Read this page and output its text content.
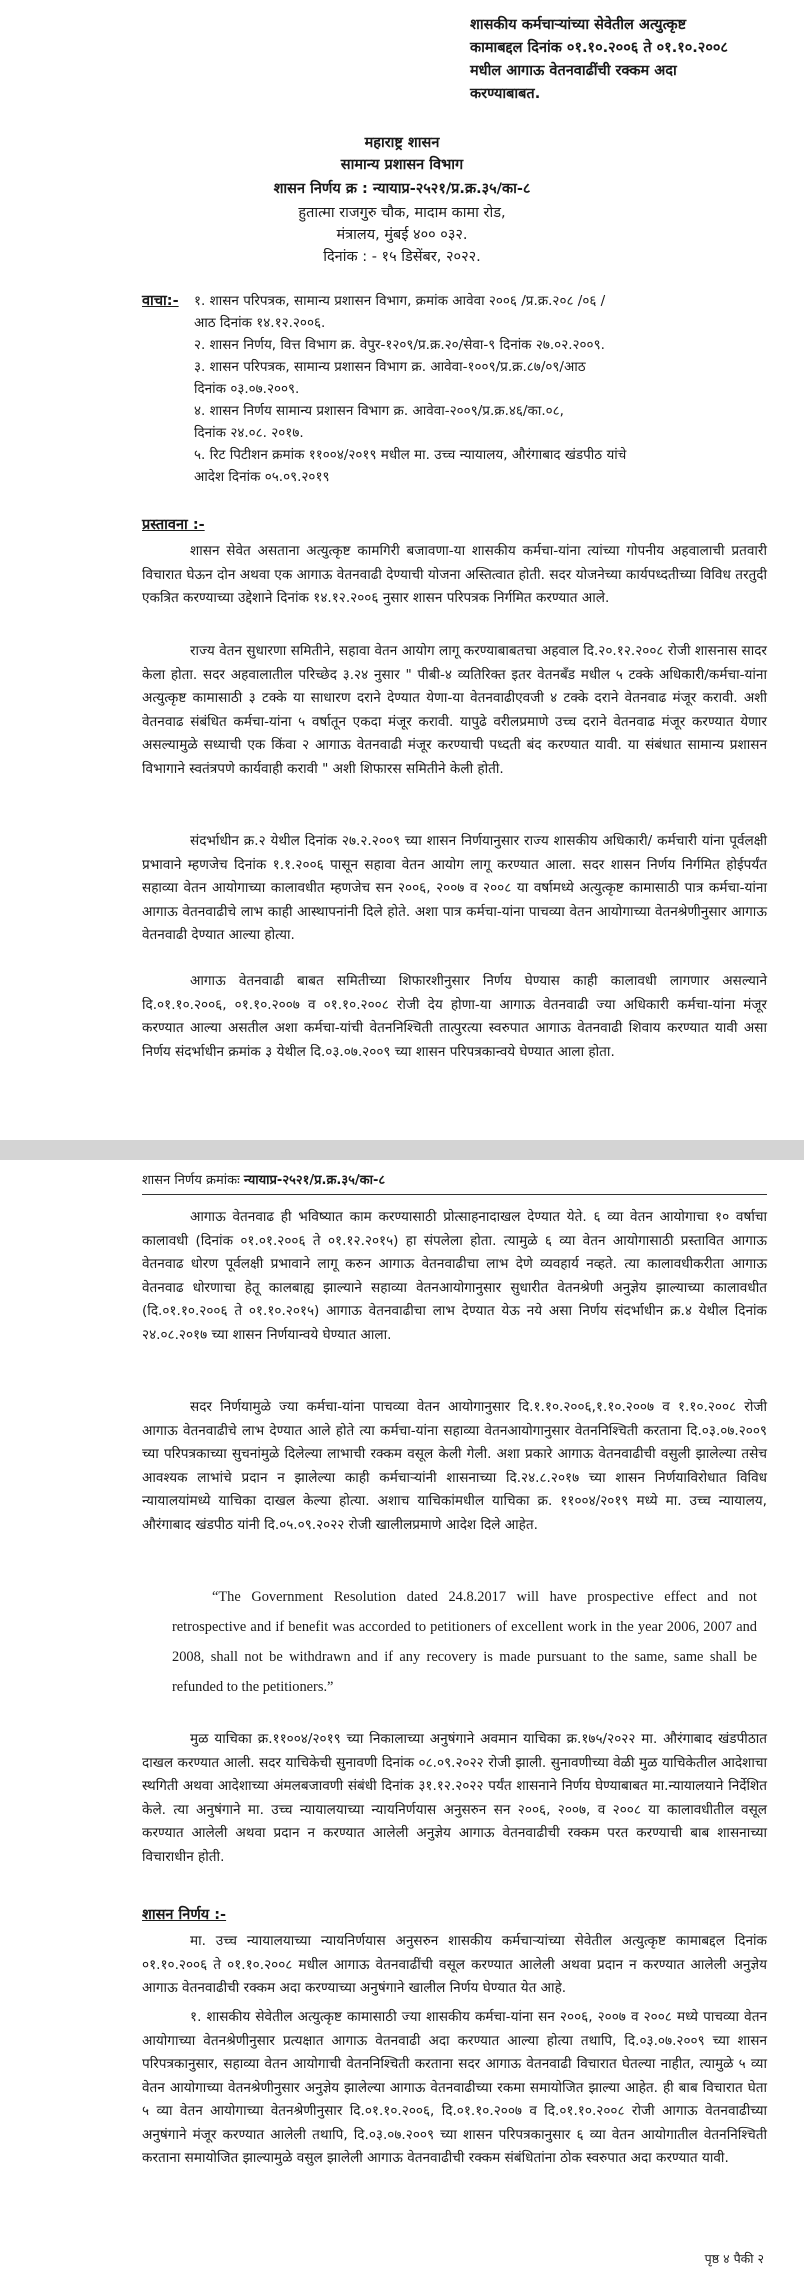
शासकीय कर्मचाऱ्यांच्या सेवेतील अत्युत्कृष्ट
कामाबद्दल दिनांक ०१.१०.२००६ ते ०१.१०.२००८
मधील आगाऊ वेतनवाढींची रक्कम अदा
करण्याबाबत.
महाराष्ट्र शासन
सामान्य प्रशासन विभाग
शासन निर्णय क्र : न्यायाप्र-२५२१/प्र.क्र.३५/का-८
हुतात्मा राजगुरु चौक, मादाम कामा रोड,
मंत्रालय, मुंबई ४०० ०३२.
दिनांक : - १५ डिसेंबर, २०२२.
वाचा:- १. शासन परिपत्रक, सामान्य प्रशासन विभाग, क्रमांक आवेवा २००६ /प्र.क्र.२०८ /०६ /
आठ दिनांक १४.१२.२००६.
२. शासन निर्णय, वित्त विभाग क्र. वेपुर-१२०९/प्र.क्र.२०/सेवा-९ दिनांक २७.०२.२००९.
३. शासन परिपत्रक, सामान्य प्रशासन विभाग क्र. आवेवा-१००९/प्र.क्र.८७/०९/आठ
दिनांक ०३.०७.२००९.
४. शासन निर्णय सामान्य प्रशासन विभाग क्र. आवेवा-२००९/प्र.क्र.४६/का.०८,
दिनांक २४.०८. २०१७.
५. रिट पिटीशन क्रमांक ११००४/२०१९ मधील मा. उच्च न्यायालय, औरंगाबाद खंडपीठ यांचे
आदेश दिनांक ०५.०९.२०१९
प्रस्तावना :-

शासन सेवेत असताना अत्युत्कृष्ट कामगिरी बजावणा-या शासकीय कर्मचा-यांना त्यांच्या गोपनीय अहवालाची प्रतवारी विचारात घेऊन दोन अथवा एक आगाऊ वेतनवाढी देण्याची योजना अस्तित्वात होती. सदर योजनेच्या कार्यपध्दतीच्या विविध तरतुदी एकत्रित करण्याच्या उद्देशाने दिनांक १४.१२.२००६ नुसार शासन परिपत्रक निर्गमित करण्यात आले.

राज्य वेतन सुधारणा समितीने, सहावा वेतन आयोग लागू करण्याबाबतचा अहवाल दि.२०.१२.२००८ रोजी शासनास सादर केला होता. सदर अहवालातील परिच्छेद ३.२४ नुसार " पीबी-४ व्यतिरिक्त इतर वेतनबँड मधील ५ टक्के अधिकारी/कर्मचा-यांना अत्युत्कृष्ट कामासाठी ३ टक्के या साधारण दराने देण्यात येणा-या वेतनवाढीएवजी ४ टक्के दराने वेतनवाढ मंजूर करावी. अशी वेतनवाढ संबंधित कर्मचा-यांना ५ वर्षातून एकदा मंजूर करावी. यापुढे वरीलप्रमाणे उच्च दराने वेतनवाढ मंजूर करण्यात येणार असल्यामुळे सध्याची एक किंवा २ आगाऊ वेतनवाढी मंजूर करण्याची पध्दती बंद करण्यात यावी. या संबंधात सामान्य प्रशासन विभागाने स्वतंत्रपणे कार्यवाही करावी " अशी शिफारस समितीने केली होती.

संदर्भाधीन क्र.२ येथील दिनांक २७.२.२००९ च्या शासन निर्णयानुसार राज्य शासकीय अधिकारी/ कर्मचारी यांना पूर्वलक्षी प्रभावाने म्हणजेच दिनांक १.१.२००६ पासून सहावा वेतन आयोग लागू करण्यात आला. सदर शासन निर्णय निर्गमित होईपर्यंत सहाव्या वेतन आयोगाच्या कालावधीत म्हणजेच सन २००६, २००७ व २००८ या वर्षामध्ये अत्युत्कृष्ट कामासाठी पात्र कर्मचा-यांना आगाऊ वेतनवाढीचे लाभ काही आस्थापनांनी दिले होते. अशा पात्र कर्मचा-यांना पाचव्या वेतन आयोगाच्या वेतनश्रेणीनुसार आगाऊ वेतनवाढी देण्यात आल्या होत्या.

आगाऊ वेतनवाढी बाबत समितीच्या शिफारशीनुसार निर्णय घेण्यास काही कालावधी लागणार असल्याने दि.०१.१०.२००६, ०१.१०.२००७ व ०१.१०.२००८ रोजी देय होणा-या आगाऊ वेतनवाढी ज्या अधिकारी कर्मचा-यांना मंजूर करण्यात आल्या असतील अशा कर्मचा-यांची वेतननिश्चिती तात्पुरत्या स्वरुपात आगाऊ वेतनवाढी शिवाय करण्यात यावी असा निर्णय संदर्भाधीन क्रमांक ३ येथील दि.०३.०७.२००९ च्या शासन परिपत्रकान्वये घेण्यात आला होता.

शासन निर्णय क्रमांकः न्यायाप्र-२५२१/प्र.क्र.३५/का-८

आगाऊ वेतनवाढ ही भविष्यात काम करण्यासाठी प्रोत्साहनादाखल देण्यात येते. ६ व्या वेतन आयोगाचा १० वर्षाचा कालावधी (दिनांक ०१.०१.२००६ ते ०१.१२.२०१५) हा संपलेला होता. त्यामुळे ६ व्या वेतन आयोगासाठी प्रस्तावित आगाऊ वेतनवाढ धोरण पूर्वलक्षी प्रभावाने लागू करुन आगाऊ वेतनवाढीचा लाभ देणे व्यवहार्य नव्हते. त्या कालावधीकरीता आगाऊ वेतनवाढ धोरणाचा हेतू कालबाह्य झाल्याने सहाव्या वेतनआयोगानुसार सुधारीत वेतनश्रेणी अनुज्ञेय झाल्याच्या कालावधीत (दि.०१.१०.२००६ ते ०१.१०.२०१५) आगाऊ वेतनवाढीचा लाभ देण्यात येऊ नये असा निर्णय संदर्भाधीन क्र.४ येथील दिनांक २४.०८.२०१७ च्या शासन निर्णयान्वये घेण्यात आला.

सदर निर्णयामुळे ज्या कर्मचा-यांना पाचव्या वेतन आयोगानुसार दि.१.१०.२००६,१.१०.२००७ व १.१०.२००८ रोजी आगाऊ वेतनवाढीचे लाभ देण्यात आले होते त्या कर्मचा-यांना सहाव्या वेतनआयोगानुसार वेतननिश्चिती करताना दि.०३.०७.२००९ च्या परिपत्रकाच्या सुचनांमुळे दिलेल्या लाभाची रक्कम वसूल केली गेली. अशा प्रकारे आगाऊ वेतनवाढीची वसुली झालेल्या तसेच आवश्यक लाभांचे प्रदान न झालेल्या काही कर्मचाऱ्यांनी शासनाच्या दि.२४.८.२०१७ च्या शासन निर्णयाविरोधात विविध न्यायालयांमध्ये याचिका दाखल केल्या होत्या. अशाच याचिकांमधील याचिका क्र. ११००४/२०१९ मध्ये मा. उच्च न्यायालय, औरंगाबाद खंडपीठ यांनी दि.०५.०९.२०२२ रोजी खालीलप्रमाणे आदेश दिले आहेत.

“The Government Resolution dated 24.8.2017 will have prospective effect and not retrospective and if benefit was accorded to petitioners of excellent work in the year 2006, 2007 and 2008, shall not be withdrawn and if any recovery is made pursuant to the same, same shall be refunded to the petitioners.”

मुळ याचिका क्र.११००४/२०१९ च्या निकालाच्या अनुषंगाने अवमान याचिका क्र.१७५/२०२२ मा. औरंगाबाद खंडपीठात दाखल करण्यात आली. सदर याचिकेची सुनावणी दिनांक ०८.०९.२०२२ रोजी झाली. सुनावणीच्या वेळी मुळ याचिकेतील आदेशाचा स्थगिती अथवा आदेशाच्या अंमलबजावणी संबंधी दिनांक ३१.१२.२०२२ पर्यंत शासनाने निर्णय घेण्याबाबत मा.न्यायालयाने निर्देशित केले. त्या अनुषंगाने मा. उच्च न्यायालयाच्या न्यायनिर्णयास अनुसरुन सन २००६, २००७, व २००८ या कालावधीतील वसूल करण्यात आलेली अथवा प्रदान न करण्यात आलेली अनुज्ञेय आगाऊ वेतनवाढीची रक्कम परत करण्याची बाब शासनाच्या विचाराधीन होती.

शासन निर्णय :-

मा. उच्च न्यायालयाच्या न्यायनिर्णयास अनुसरुन शासकीय कर्मचाऱ्यांच्या सेवेतील अत्युत्कृष्ट कामाबद्दल दिनांक ०१.१०.२००६ ते ०१.१०.२००८ मधील आगाऊ वेतनवाढींची वसूल करण्यात आलेली अथवा प्रदान न करण्यात आलेली अनुज्ञेय आगाऊ वेतनवाढीची रक्कम अदा करण्याच्या अनुषंगाने खालील निर्णय घेण्यात येत आहे.

१. शासकीय सेवेतील अत्युत्कृष्ट कामासाठी ज्या शासकीय कर्मचा-यांना सन २००६, २००७ व २००८ मध्ये पाचव्या वेतन आयोगाच्या वेतनश्रेणीनुसार प्रत्यक्षात आगाऊ वेतनवाढी अदा करण्यात आल्या होत्या तथापि, दि.०३.०७.२००९ च्या शासन परिपत्रकानुसार, सहाव्या वेतन आयोगाची वेतननिश्चिती करताना सदर आगाऊ वेतनवाढी विचारात घेतल्या नाहीत, त्यामुळे ५ व्या वेतन आयोगाच्या वेतनश्रेणीनुसार अनुज्ञेय झालेल्या आगाऊ वेतनवाढीच्या रकमा समायोजित झाल्या आहेत. ही बाब विचारात घेता ५ व्या वेतन आयोगाच्या वेतनश्रेणीनुसार दि.०१.१०.२००६, दि.०१.१०.२००७ व दि.०१.१०.२००८ रोजी आगाऊ वेतनवाढीच्या अनुषंगाने मंजूर करण्यात आलेली तथापि, दि.०३.०७.२००९ च्या शासन परिपत्रकानुसार ६ व्या वेतन आयोगातील वेतननिश्चिती करताना समायोजित झाल्यामुळे वसुल झालेली आगाऊ वेतनवाढीची रक्कम संबंधितांना ठोक स्वरुपात अदा करण्यात यावी.

पृष्ठ ४ पैकी २
